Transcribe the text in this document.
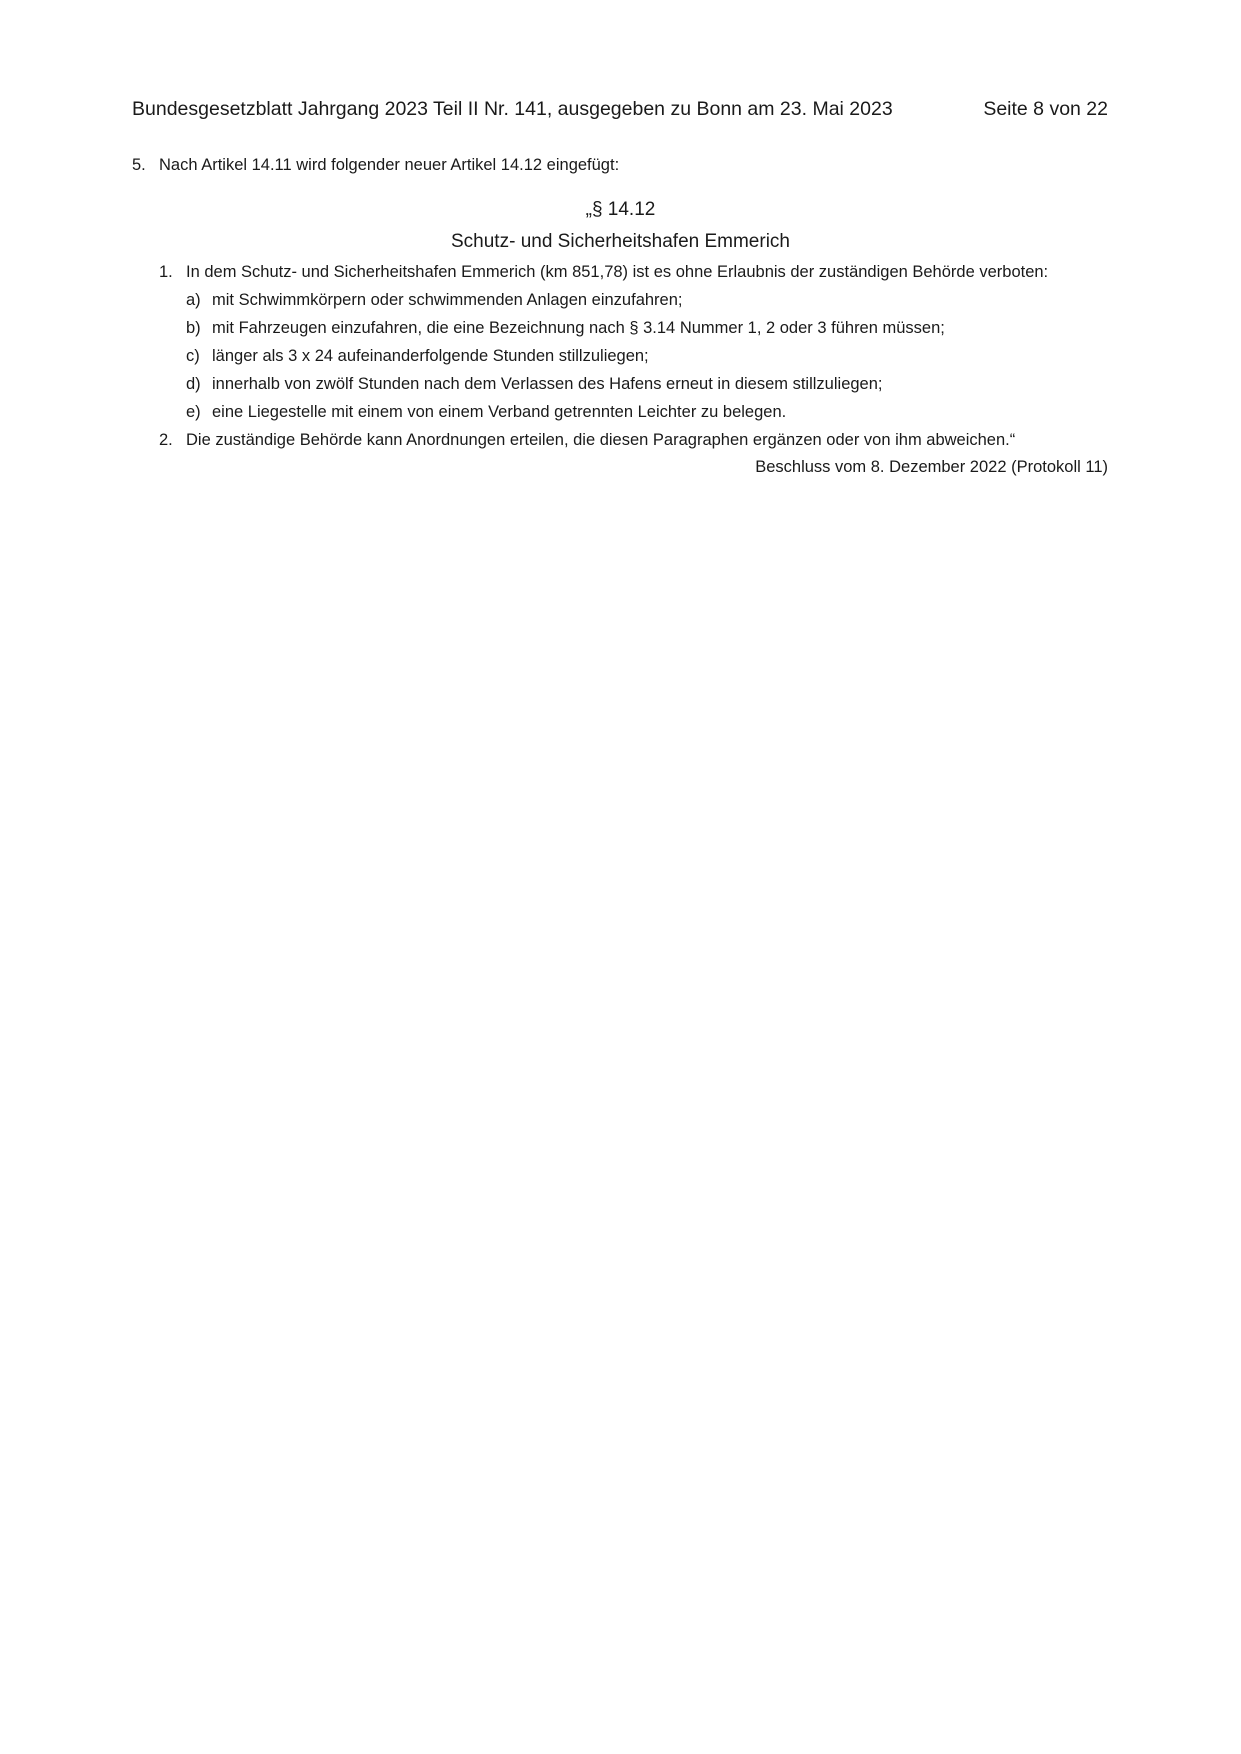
Bundesgesetzblatt Jahrgang 2023 Teil II Nr. 141, ausgegeben zu Bonn am 23. Mai 2023	Seite 8 von 22
5. Nach Artikel 14.11 wird folgender neuer Artikel 14.12 eingefügt:
„§ 14.12
Schutz- und Sicherheitshafen Emmerich
1. In dem Schutz- und Sicherheitshafen Emmerich (km 851,78) ist es ohne Erlaubnis der zuständigen Behörde verboten:
a) mit Schwimmkörpern oder schwimmenden Anlagen einzufahren;
b) mit Fahrzeugen einzufahren, die eine Bezeichnung nach § 3.14 Nummer 1, 2 oder 3 führen müssen;
c) länger als 3 x 24 aufeinanderfolgende Stunden stillzuliegen;
d) innerhalb von zwölf Stunden nach dem Verlassen des Hafens erneut in diesem stillzuliegen;
e) eine Liegestelle mit einem von einem Verband getrennten Leichter zu belegen.
2. Die zuständige Behörde kann Anordnungen erteilen, die diesen Paragraphen ergänzen oder von ihm abweichen.“
Beschluss vom 8. Dezember 2022 (Protokoll 11)
